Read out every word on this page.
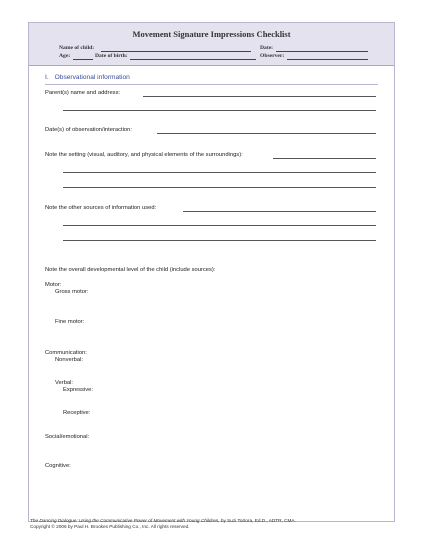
Movement Signature Impressions Checklist
Name of child:	Date:
Age:	Date of birth:	Observer:
I. Observational information
Parent(s) name and address:
Date(s) of observation/interaction:
Note the setting (visual, auditory, and physical elements of the surroundings):
Note the other sources of information used:
Note the overall developmental level of the child (include sources):
Motor:
Gross motor:
Fine motor:
Communication:
Nonverbal:
Verbal:
Expressive:
Receptive:
Social/emotional:
Cognitive:
The Dancing Dialogue: Using the Communicative Power of Movement with Young Children, by Suzi Tortora, Ed.D., ADTR, CMA.
Copyright © 2006 by Paul H. Brookes Publishing Co., Inc. All rights reserved.
